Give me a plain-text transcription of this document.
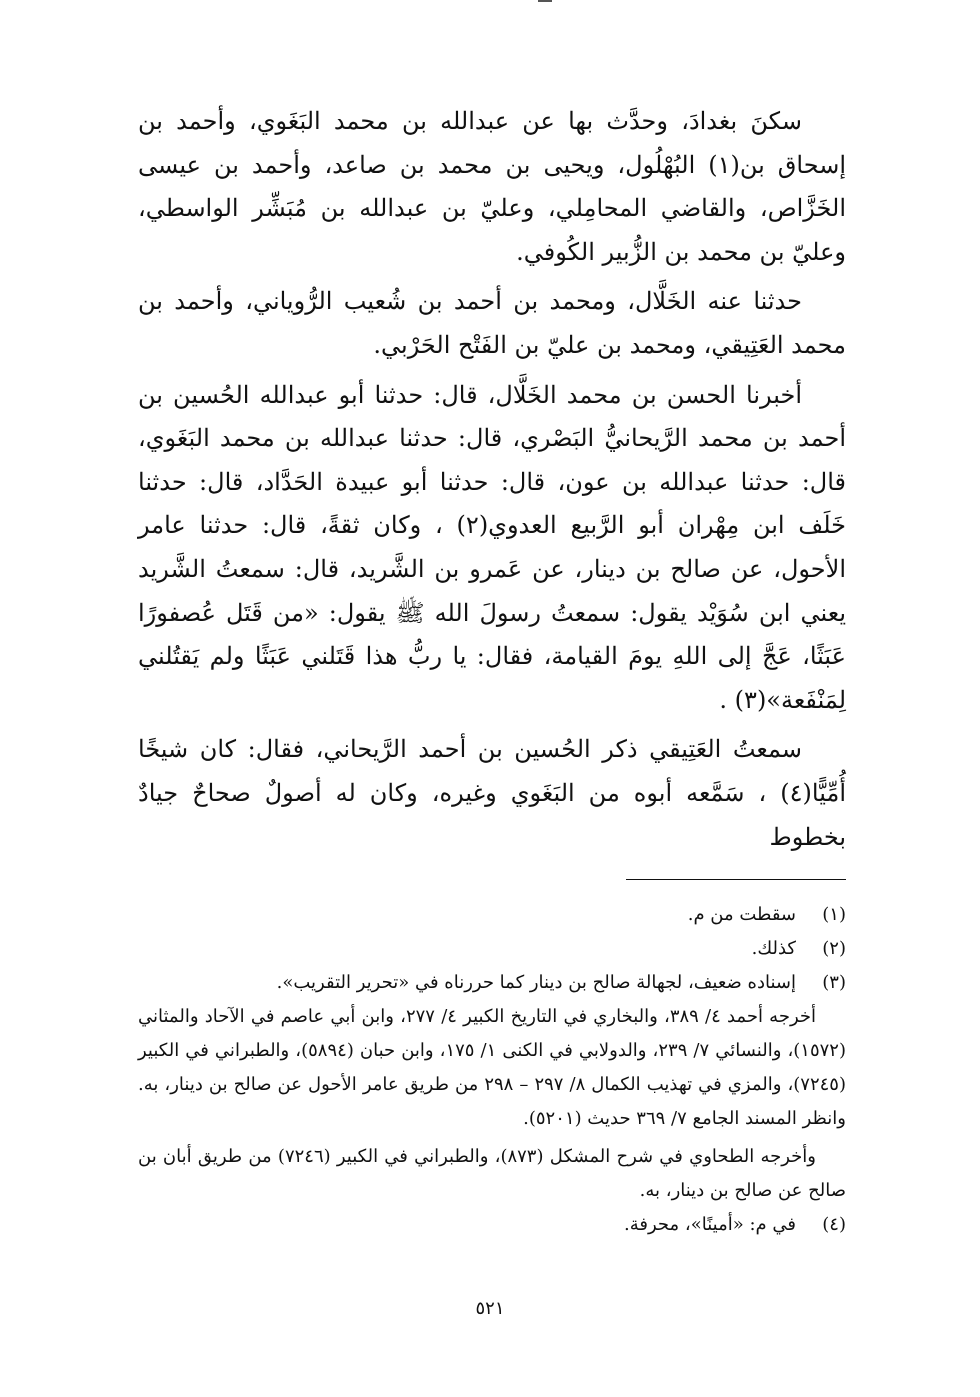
سكنَ بغدادَ، وحدَّث بها عن عبدالله بن محمد البَغَوي، وأحمد بن إسحاق بن(١) البُهْلُول، ويحيى بن محمد بن صاعد، وأحمد بن عيسى الخَزَّاص، والقاضي المحامِلي، وعليّ بن عبدالله بن مُبَشِّر الواسطي، وعليّ بن محمد بن الزُّبير الكُوفي.

حدثنا عنه الخَلَّال، ومحمد بن أحمد بن شُعيب الرُّوياني، وأحمد بن محمد العَتِيقي، ومحمد بن عليّ بن الفَتْح الحَرْبي.

أخبرنا الحسن بن محمد الخَلَّال، قال: حدثنا أبو عبدالله الحُسين بن أحمد بن محمد الرَّيحانيُّ البَصْري، قال: حدثنا عبدالله بن محمد البَغَوي، قال: حدثنا عبدالله بن عون، قال: حدثنا أبو عبيدة الحَدَّاد، قال: حدثنا خَلَف ابن مِهْران أبو الرَّبيع العدوي(٢) ، وكان ثقةً، قال: حدثنا عامر الأحول، عن صالح بن دينار، عن عَمرو بن الشَّريد، قال: سمعتُ الشَّريد يعني ابن سُوَيْد يقول: سمعتُ رسولَ الله ﷺ يقول: «من قَتَل عُصفورًا عَبَثًا، عَجَّ إلى اللهِ يومَ القيامة، فقال: يا ربُّ هذا قَتَلني عَبَثًا ولم يَقتُلني لِمَنْفَعة»(٣) .

سمعتُ العَتِيقي ذكر الحُسين بن أحمد الرَّيحاني، فقال: كان شيخًا أُمِّيًّا(٤) ، سَمَّعه أبوه من البَغَوي وغيره، وكان له أصولٌ صحاحٌ جيادٌ بخطوط

(١)

سقطت من م.

(٢)

كذلك.

(٣)

إسناده ضعيف، لجهالة صالح بن دينار كما حررناه في «تحرير التقريب».

أخرجه أحمد ٤/ ٣٨٩، والبخاري في التاريخ الكبير ٤/ ٢٧٧، وابن أبي عاصم في الآحاد والمثاني (١٥٧٢)، والنسائي ٧/ ٢٣٩، والدولابي في الكنى ١/ ١٧٥، وابن حبان (٥٨٩٤)، والطبراني في الكبير (٧٢٤٥)، والمزي في تهذيب الكمال ٨/ ٢٩٧ – ٢٩٨ من طريق عامر الأحول عن صالح بن دينار، به. وانظر المسند الجامع ٧/ ٣٦٩ حديث (٥٢٠١).

وأخرجه الطحاوي في شرح المشكل (٨٧٣)، والطبراني في الكبير (٧٢٤٦) من طريق أبان بن صالح عن صالح بن دينار، به.

(٤)

في م: «أمينًا»، محرفة.

٥٢١
